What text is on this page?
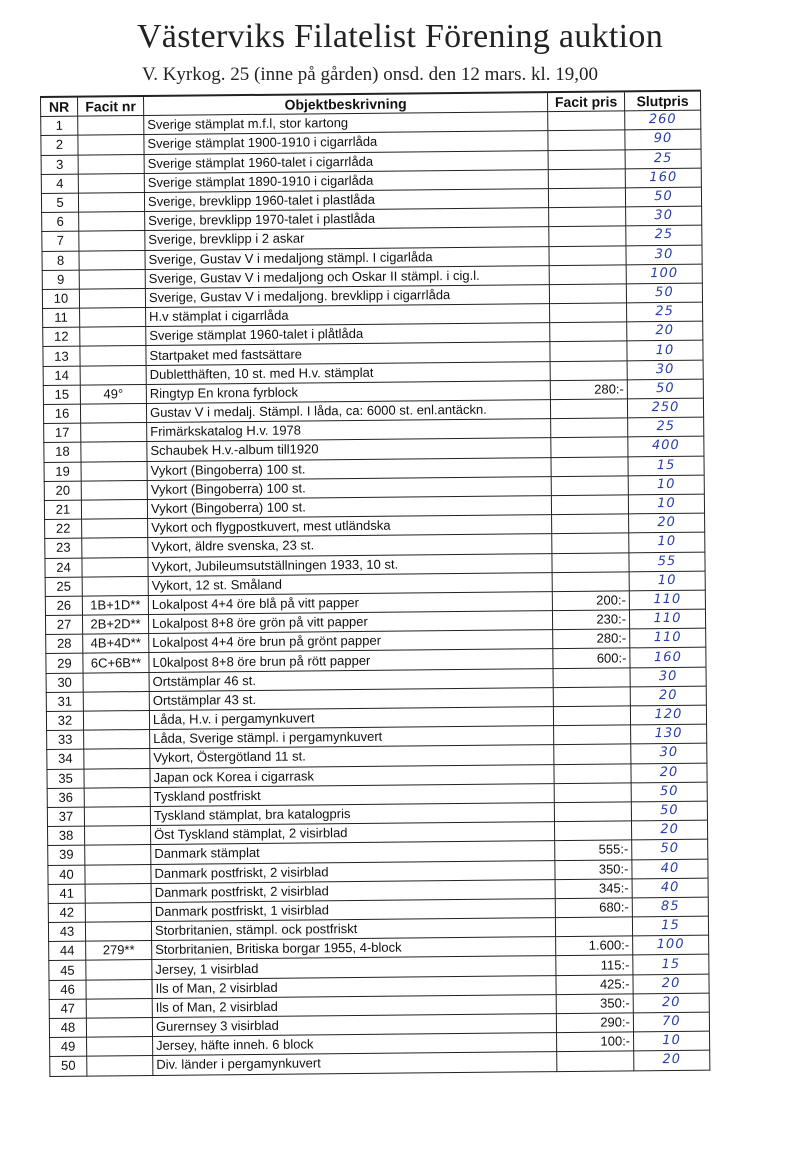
Västerviks Filatelist Förening auktion
V. Kyrkog. 25 (inne på gården) onsd. den 12 mars. kl. 19,00
NR	Facit nr	Objektbeskrivning	Facit pris	Slutpris
1		Sverige stämplat m.f.l, stor kartong		260
2		Sverige stämplat 1900-1910 i cigarrlåda		90
3		Sverige stämplat 1960-talet i cigarrlåda		25
4		Sverige stämplat 1890-1910 i cigarlåda		160
5		Sverige, brevklipp 1960-talet i plastlåda		50
6		Sverige, brevklipp 1970-talet i plastlåda		30
7		Sverige, brevklipp i 2 askar		25
8		Sverige, Gustav V i medaljong stämpl. I cigarlåda		30
9		Sverige, Gustav V i medaljong och Oskar II stämpl. i cig.l.		100
10		Sverige, Gustav V i medaljong. brevklipp i cigarrlåda		50
11		H.v stämplat i cigarrlåda		25
12		Sverige stämplat 1960-talet i plåtlåda		20
13		Startpaket med fastsättare		10
14		Dubletthäften, 10 st. med H.v. stämplat		30
15	49°	Ringtyp En krona fyrblock	280:-	50
16		Gustav V i medalj. Stämpl. I låda, ca: 6000 st. enl.antäckn.		250
17		Frimärkskatalog H.v. 1978		25
18		Schaubek H.v.-album till1920		400
19		Vykort (Bingoberra) 100 st.		15
20		Vykort (Bingoberra) 100 st.		10
21		Vykort (Bingoberra) 100 st.		10
22		Vykort och flygpostkuvert, mest utländska		20
23		Vykort, äldre svenska, 23 st.		10
24		Vykort, Jubileumsutställningen 1933, 10 st.		55
25		Vykort, 12 st. Småland		10
26	1B+1D**	Lokalpost 4+4 öre blå på vitt papper	200:-	110
27	2B+2D**	Lokalpost 8+8 öre grön på vitt papper	230:-	110
28	4B+4D**	Lokalpost 4+4 öre brun på grönt papper	280:-	110
29	6C+6B**	L0kalpost 8+8 öre brun på rött papper	600:-	160
30		Ortstämplar 46 st.		30
31		Ortstämplar 43 st.		20
32		Låda, H.v. i pergamynkuvert		120
33		Låda, Sverige stämpl. i pergamynkuvert		130
34		Vykort, Östergötland 11 st.		30
35		Japan ock Korea i cigarrask		20
36		Tyskland postfriskt		50
37		Tyskland stämplat, bra katalogpris		50
38		Öst Tyskland stämplat, 2 visirblad		20
39		Danmark stämplat	555:-	50
40		Danmark postfriskt, 2 visirblad	350:-	40
41		Danmark postfriskt, 2 visirblad	345:-	40
42		Danmark postfriskt, 1 visirblad	680:-	85
43		Storbritanien, stämpl. ock postfriskt		15
44	279**	Storbritanien, Britiska borgar 1955, 4-block	1.600:-	100
45		Jersey, 1 visirblad	115:-	15
46		Ils of Man, 2 visirblad	425:-	20
47		Ils of Man, 2 visirblad	350:-	20
48		Gurernsey 3 visirblad	290:-	70
49		Jersey, häfte inneh. 6 block	100:-	10
50		Div. länder i pergamynkuvert		20
